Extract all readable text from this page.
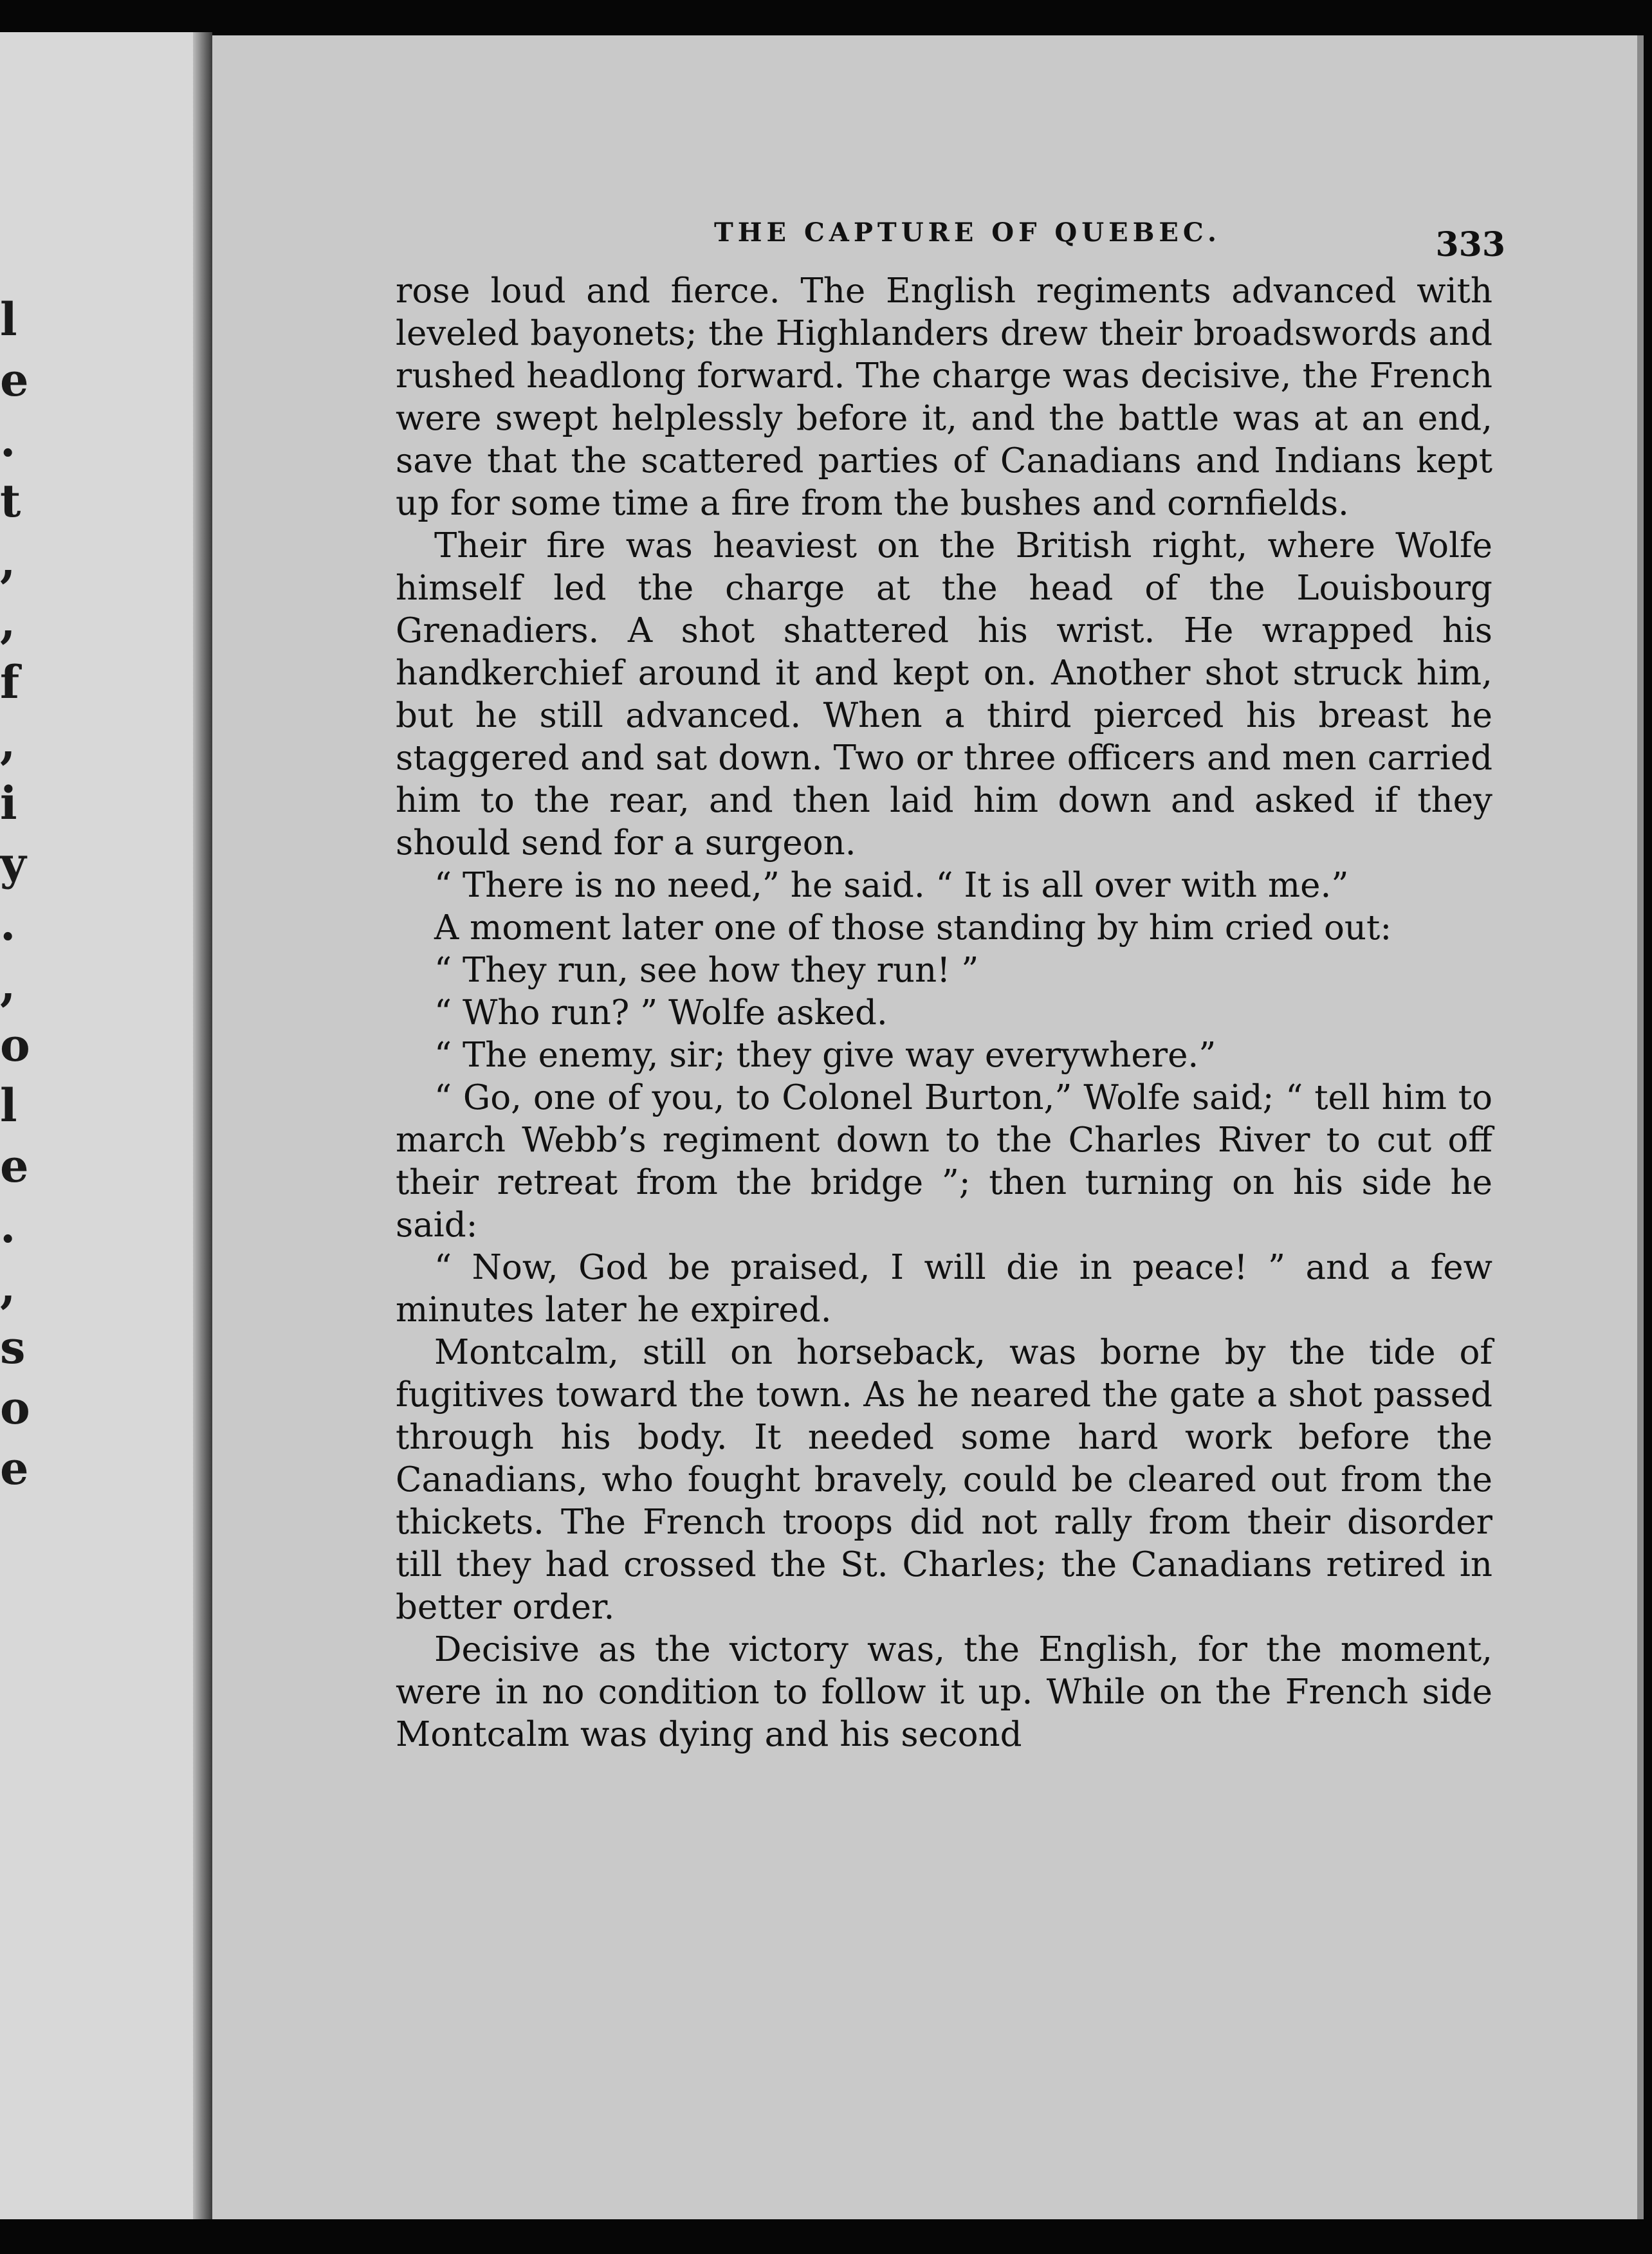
l
e
.
t
,
,
f
,
i
y
.
,
o
l
e
.
,
s
o
e
THE CAPTURE OF QUEBEC.	333

rose loud and fierce. The English regiments advanced with leveled bayonets; the Highlanders drew their broadswords and rushed headlong forward. The charge was decisive, the French were swept helplessly before it, and the battle was at an end, save that the scattered parties of Canadians and Indians kept up for some time a fire from the bushes and cornfields.

Their fire was heaviest on the British right, where Wolfe himself led the charge at the head of the Louisbourg Grenadiers. A shot shattered his wrist. He wrapped his handkerchief around it and kept on. Another shot struck him, but he still advanced. When a third pierced his breast he staggered and sat down. Two or three officers and men carried him to the rear, and then laid him down and asked if they should send for a surgeon.

“ There is no need,” he said. “ It is all over with me.”

A moment later one of those standing by him cried out:

“ They run, see how they run! ”

“ Who run? ” Wolfe asked.

“ The enemy, sir; they give way everywhere.”

“ Go, one of you, to Colonel Burton,” Wolfe said; “ tell him to march Webb’s regiment down to the Charles River to cut off their retreat from the bridge ”; then turning on his side he said:

“ Now, God be praised, I will die in peace! ” and a few minutes later he expired.

Montcalm, still on horseback, was borne by the tide of fugitives toward the town. As he neared the gate a shot passed through his body. It needed some hard work before the Canadians, who fought bravely, could be cleared out from the thickets. The French troops did not rally from their disorder till they had crossed the St. Charles; the Canadians retired in better order.

Decisive as the victory was, the English, for the moment, were in no condition to follow it up. While on the French side Montcalm was dying and his second
